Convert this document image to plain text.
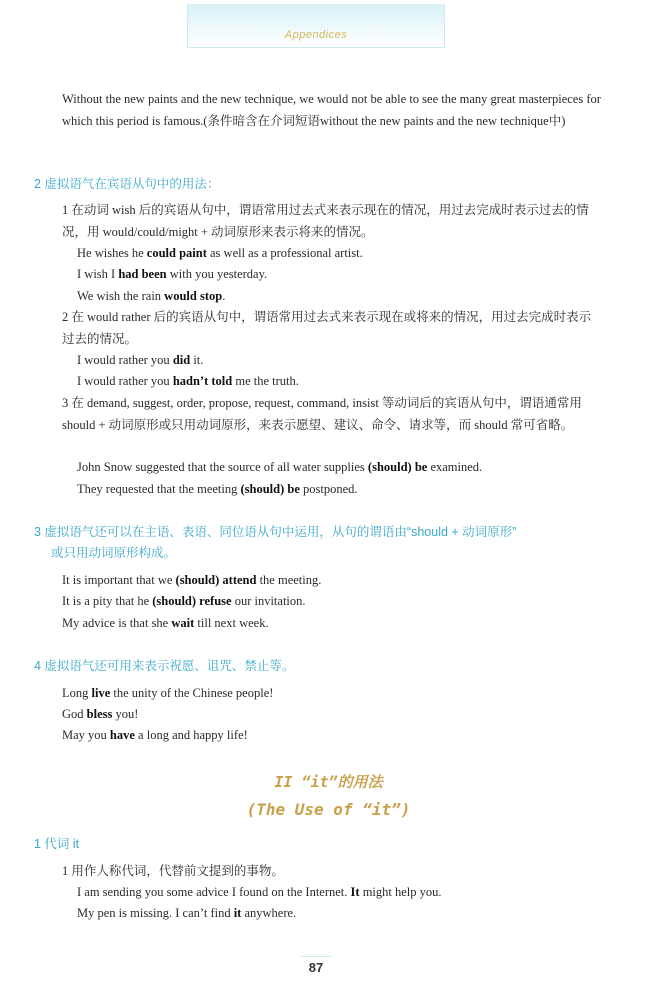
Appendices
Without the new paints and the new technique, we would not be able to see the many great masterpieces for which this period is famous.(条件暗含在介词短语without the new paints and the new technique中)
2 虚拟语气在宾语从句中的用法：
1 在动词 wish 后的宾语从句中，谓语常用过去式来表示现在的情况，用过去完成时表示过去的情况，用 would/could/might + 动词原形来表示将来的情况。
He wishes he could paint as well as a professional artist.
I wish I had been with you yesterday.
We wish the rain would stop.
2 在 would rather 后的宾语从句中，谓语常用过去式来表示现在或将来的情况，用过去完成时表示过去的情况。
I would rather you did it.
I would rather you hadn’t told me the truth.
3 在 demand, suggest, order, propose, request, command, insist 等动词后的宾语从句中，谓语通常用 should + 动词原形或只用动词原形，来表示愿望、建议、命令、请求等，而 should 常可省略。
John Snow suggested that the source of all water supplies (should) be examined.
They requested that the meeting (should) be postponed.
3 虚拟语气还可以在主语、表语、同位语从句中运用，从句的谓语由“should + 动词原形”
或只用动词原形构成。
It is important that we (should) attend the meeting.
It is a pity that he (should) refuse our invitation.
My advice is that she wait till next week.
4 虚拟语气还可用来表示祝愿、诅咒、禁止等。
Long live the unity of the Chinese people!
God bless you!
May you have a long and happy life!
II “it”的用法
(The Use of “it”)
1 代词 it
1 用作人称代词，代替前文提到的事物。
I am sending you some advice I found on the Internet. It might help you.
My pen is missing. I can’t find it anywhere.
87
